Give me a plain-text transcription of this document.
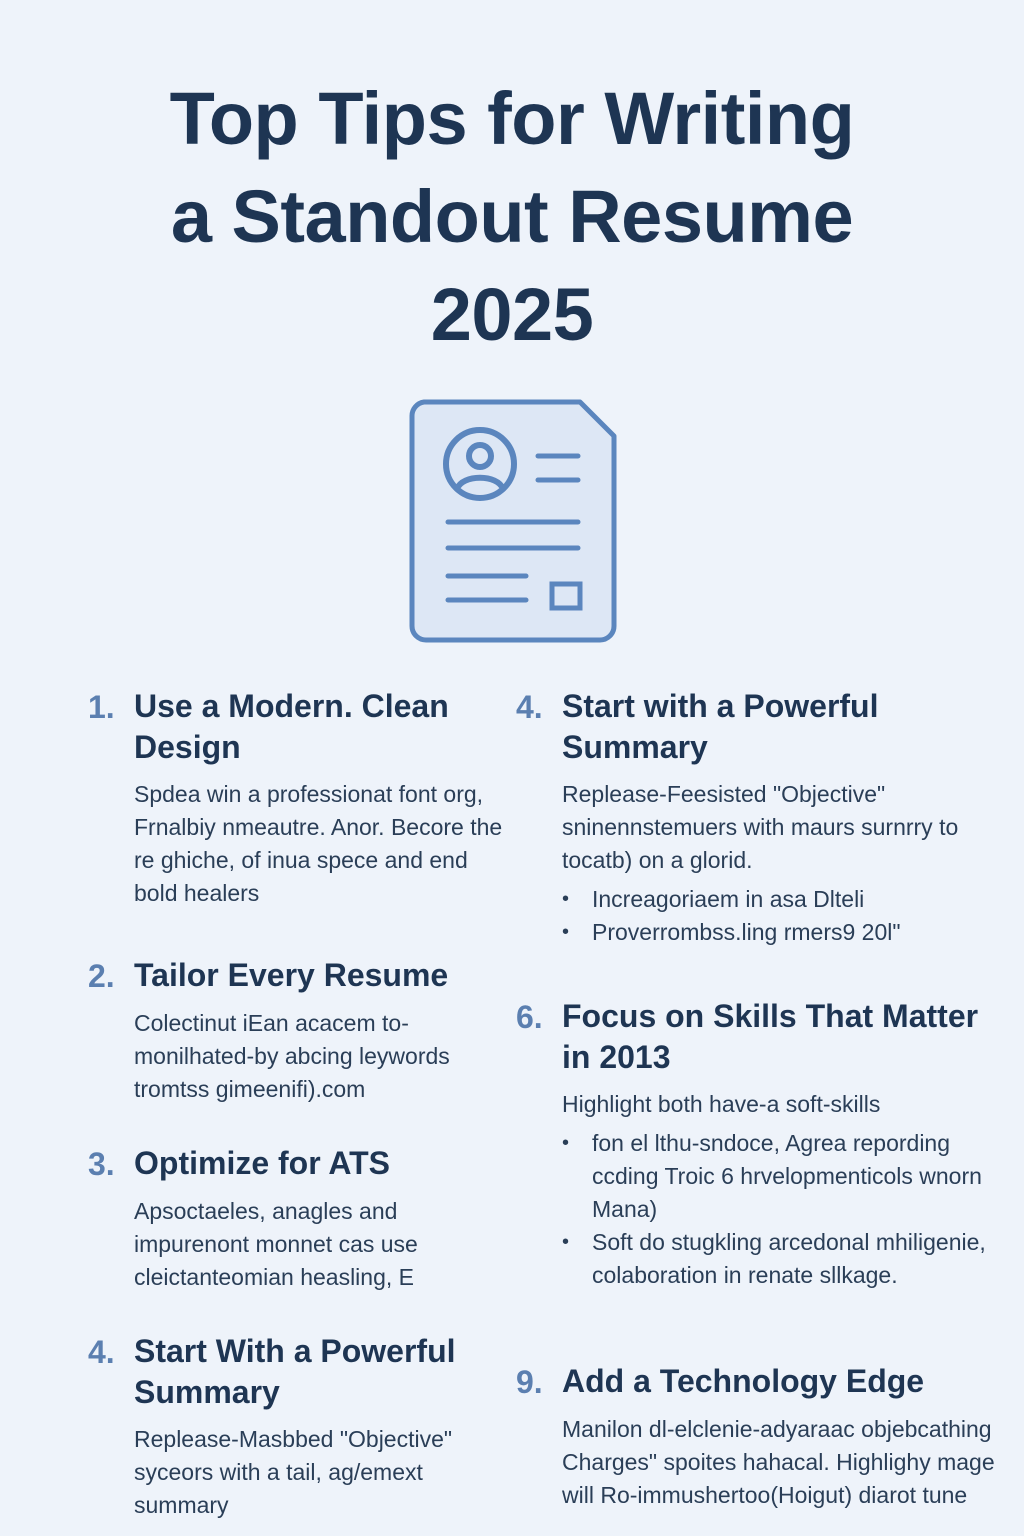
Top Tips for Writing
a Standout Resume
2025
1. Use a Modern. Clean Design

Spdea win a professionat font org, Frnalbiy nmeautre. Anor. Becore the re ghiche, of inua spece and end bold healers

2. Tailor Every Resume

Colectinut iEan acacem to-monilhated-by abcing leywords tromtss gimeenifi).com

3. Optimize for ATS

Apsoctaeles, anagles and impurenont monnet cas use cleictanteomian heasling, E

4. Start With a Powerful Summary

Replease-Masbbed "Objective" syceors with a tail, ag/emext summary

4. Start with a Powerful Summary

Replease-Feesisted "Objective" sninennstemuers with maurs surnrry to tocatb) on a glorid.

• Increagoriaem in asa Dlteli
• Proverrombss.ling rmers9 20l"
6. Focus on Skills That Matter in 2013

Highlight both have-a soft-skills

• fon el lthu-sndoce, Agrea repording ccding Troic 6 hrvelopmenticols wnorn Mana)
• Soft do stugkling arcedonal mhiligenie, colaboration in renate sllkage.
9. Add a Technology Edge

Manilon dl-elclenie-adyaraac objebcathing Charges" spoites hahacal. Highlighy mage will Ro-immushertoo(Hoigut) diarot tune
